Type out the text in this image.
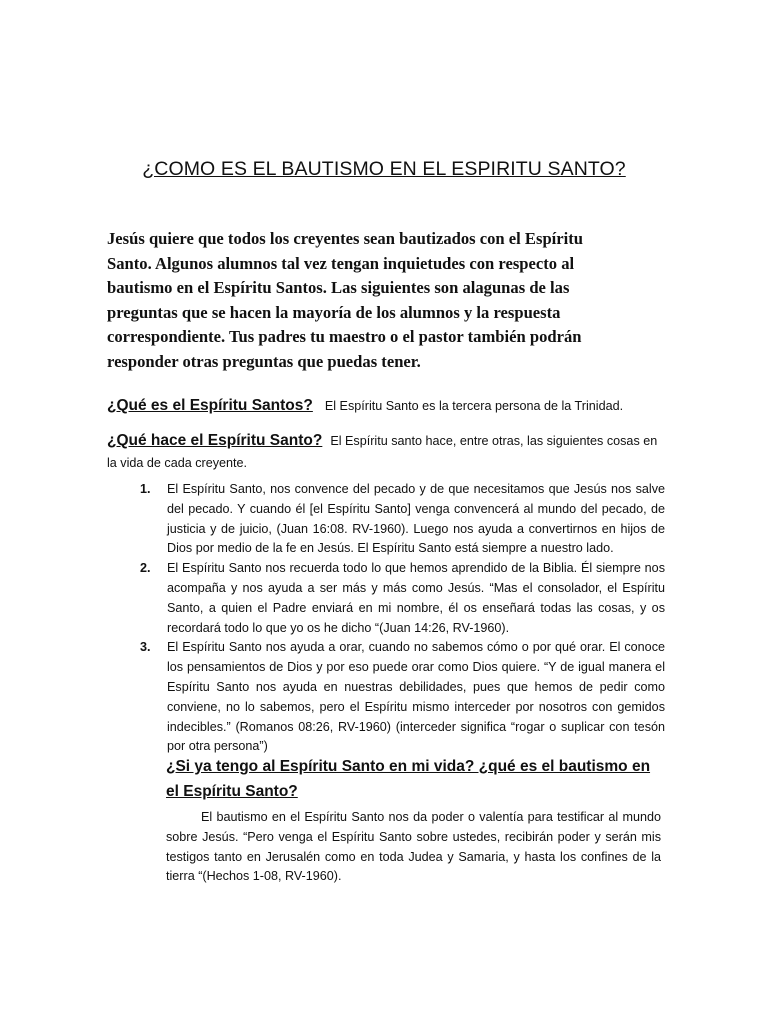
¿COMO ES EL BAUTISMO EN EL ESPIRITU SANTO?
Jesús quiere que todos los creyentes sean bautizados con el Espíritu
Santo. Algunos alumnos tal vez tengan inquietudes con respecto al
bautismo en el Espíritu Santos. Las siguientes son alagunas de las
preguntas que se hacen la mayoría de los alumnos y la respuesta
correspondiente. Tus padres tu maestro o el pastor también podrán
responder otras preguntas que puedas tener.
¿Qué es el Espíritu Santos? El Espíritu Santo es la tercera persona de la Trinidad.
¿Qué hace el Espíritu Santo? El Espíritu santo hace, entre otras, las siguientes cosas en la vida de cada creyente.
1. El Espíritu Santo, nos convence del pecado y de que necesitamos que Jesús nos salve del pecado. Y cuando él [el Espíritu Santo] venga convencerá al mundo del pecado, de justicia y de juicio, (Juan 16:08. RV-1960). Luego nos ayuda a convertirnos en hijos de Dios por medio de la fe en Jesús. El Espíritu Santo está siempre a nuestro lado.
2. El Espíritu Santo nos recuerda todo lo que hemos aprendido de la Biblia. Él siempre nos acompaña y nos ayuda a ser más y más como Jesús. “Mas el consolador, el Espíritu Santo, a quien el Padre enviará en mi nombre, él os enseñará todas las cosas, y os recordará todo lo que yo os he dicho “(Juan 14:26, RV-1960).
3. El Espíritu Santo nos ayuda a orar, cuando no sabemos cómo o por qué orar. El conoce los pensamientos de Dios y por eso puede orar como Dios quiere. “Y de igual manera el Espíritu Santo nos ayuda en nuestras debilidades, pues que hemos de pedir como conviene, no lo sabemos, pero el Espíritu mismo interceder por nosotros con gemidos indecibles.” (Romanos 08:26, RV-1960) (interceder significa “rogar o suplicar con tesón por otra persona”)
¿Si ya tengo al Espíritu Santo en mi vida? ¿qué es el bautismo en el Espíritu Santo?
El bautismo en el Espíritu Santo nos da poder o valentía para testificar al mundo sobre Jesús. “Pero venga el Espíritu Santo sobre ustedes, recibirán poder y serán mis testigos tanto en Jerusalén como en toda Judea y Samaria, y hasta los confines de la tierra “(Hechos 1-08, RV-1960).
